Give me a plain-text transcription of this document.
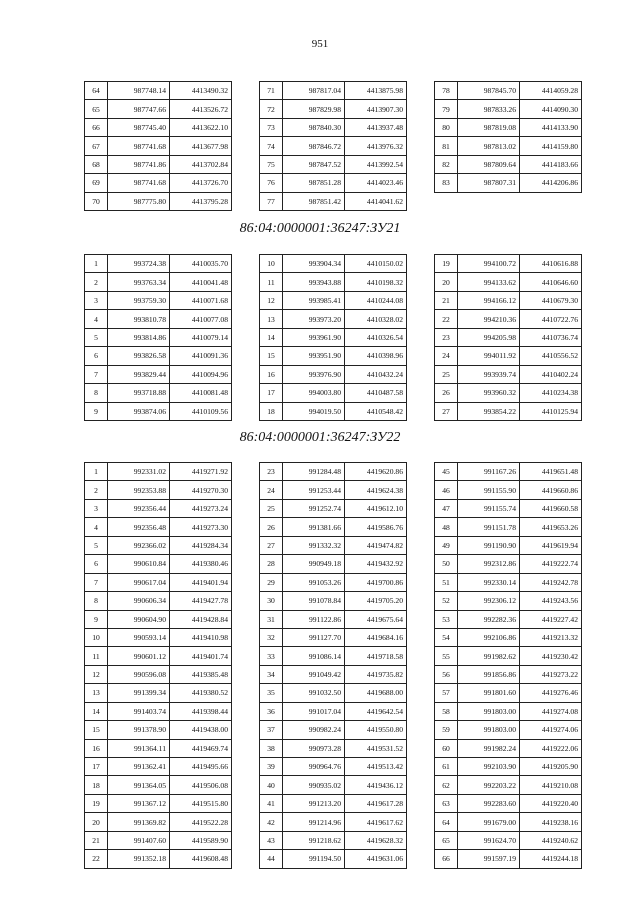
951
64	987748.14	4413490.32
65	987747.66	4413526.72
66	987745.40	4413622.10
67	987741.68	4413677.98
68	987741.86	4413702.84
69	987741.68	4413726.70
70	987775.80	4413795.28
71	987817.04	4413875.98
72	987829.98	4413907.30
73	987840.30	4413937.48
74	987846.72	4413976.32
75	987847.52	4413992.54
76	987851.28	4414023.46
77	987851.42	4414041.62
78	987845.70	4414059.28
79	987833.26	4414090.30
80	987819.08	4414133.90
81	987813.02	4414159.80
82	987809.64	4414183.66
83	987807.31	4414206.86
86:04:0000001:36247:ЗУ21
1	993724.38	4410035.70
2	993763.34	4410041.48
3	993759.30	4410071.68
4	993810.78	4410077.08
5	993814.86	4410079.14
6	993826.58	4410091.36
7	993829.44	4410094.96
8	993718.88	4410081.48
9	993874.06	4410109.56
10	993904.34	4410150.02
11	993943.88	4410198.32
12	993985.41	4410244.08
13	993973.20	4410328.02
14	993961.90	4410326.54
15	993951.90	4410398.96
16	993976.90	4410432.24
17	994003.80	4410487.58
18	994019.50	4410548.42
19	994100.72	4410616.88
20	994133.62	4410646.60
21	994166.12	4410679.30
22	994210.36	4410722.76
23	994205.98	4410736.74
24	994011.92	4410556.52
25	993939.74	4410402.24
26	993960.32	4410234.38
27	993854.22	4410125.94
86:04:0000001:36247:ЗУ22
1	992331.02	4419271.92
2	992353.88	4419270.30
3	992356.44	4419273.24
4	992356.48	4419273.30
5	992366.02	4419284.34
6	990610.84	4419380.46
7	990617.04	4419401.94
8	990606.34	4419427.78
9	990604.90	4419428.84
10	990593.14	4419410.98
11	990601.12	4419401.74
12	990596.08	4419385.48
13	991399.34	4419380.52
14	991403.74	4419398.44
15	991378.90	4419438.00
16	991364.11	4419469.74
17	991362.41	4419495.66
18	991364.05	4419506.08
19	991367.12	4419515.80
20	991369.82	4419522.28
21	991407.60	4419589.90
22	991352.18	4419608.48
23	991284.48	4419620.86
24	991253.44	4419624.38
25	991252.74	4419612.10
26	991381.66	4419586.76
27	991332.32	4419474.82
28	990949.18	4419432.92
29	991053.26	4419700.86
30	991078.84	4419705.20
31	991122.86	4419675.64
32	991127.70	4419684.16
33	991086.14	4419718.58
34	991049.42	4419735.82
35	991032.50	4419688.00
36	991017.04	4419642.54
37	990982.24	4419550.80
38	990973.28	4419531.52
39	990964.76	4419513.42
40	990935.02	4419436.12
41	991213.20	4419617.28
42	991214.96	4419617.62
43	991218.62	4419628.32
44	991194.50	4419631.06
45	991167.26	4419651.48
46	991155.90	4419660.86
47	991155.74	4419660.58
48	991151.78	4419653.26
49	991190.90	4419619.94
50	992312.86	4419222.74
51	992330.14	4419242.78
52	992306.12	4419243.56
53	992282.36	4419227.42
54	992106.86	4419213.32
55	991982.62	4419230.42
56	991856.86	4419273.22
57	991801.60	4419276.46
58	991803.00	4419274.08
59	991803.00	4419274.06
60	991982.24	4419222.06
61	992103.90	4419205.90
62	992203.22	4419210.08
63	992283.60	4419220.40
64	991679.00	4419238.16
65	991624.70	4419240.62
66	991597.19	4419244.18
